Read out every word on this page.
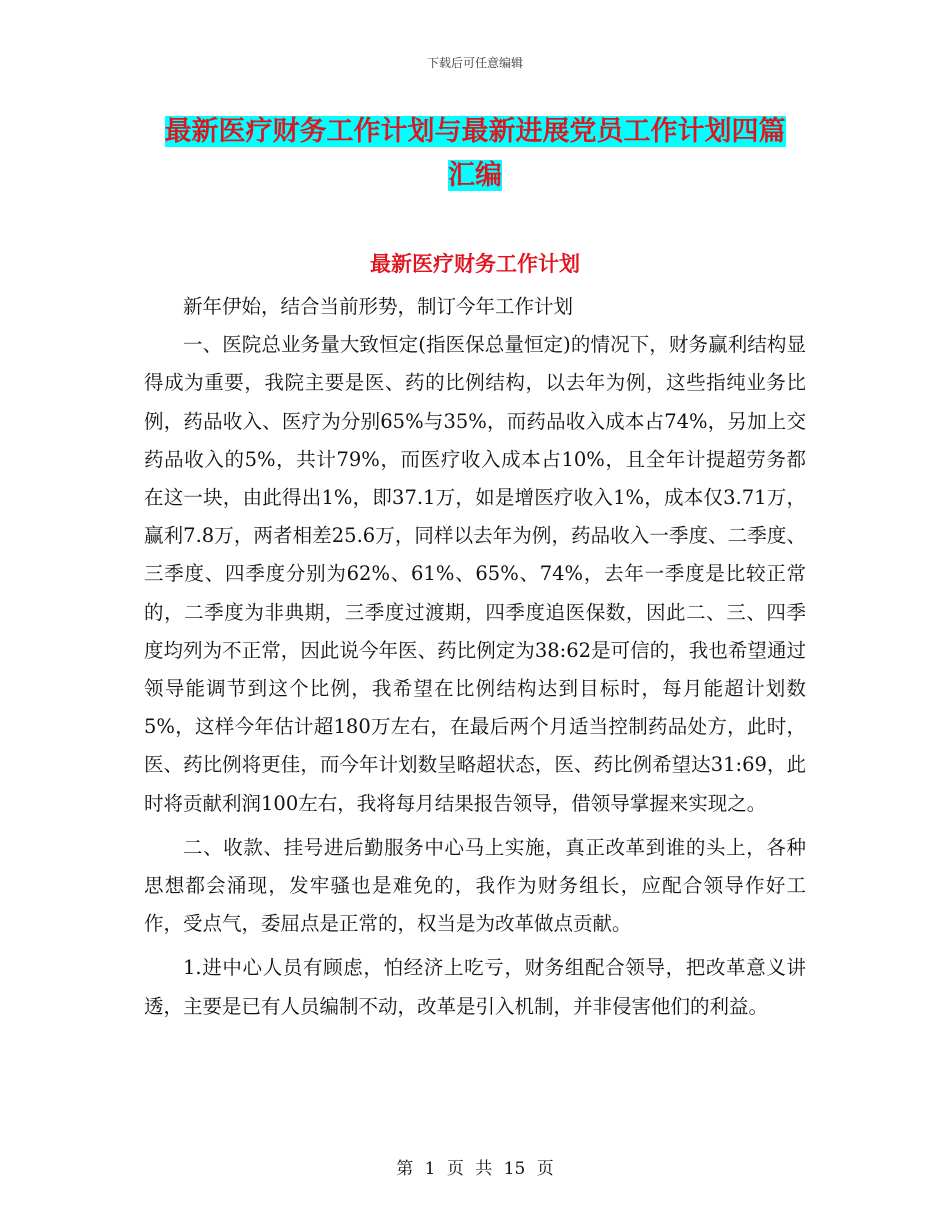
下载后可任意编辑
最新医疗财务工作计划与最新进展党员工作计划四篇
汇编
最新医疗财务工作计划

新年伊始，结合当前形势，制订今年工作计划

一、医院总业务量大致恒定(指医保总量恒定)的情况下，财务赢利结构显得成为重要，我院主要是医、药的比例结构，以去年为例，这些指纯业务比例，药品收入、医疗为分别65%与35%，而药品收入成本占74%，另加上交药品收入的5%，共计79%，而医疗收入成本占10%，且全年计提超劳务都在这一块，由此得出1%，即37.1万，如是增医疗收入1%，成本仅3.71万，赢利7.8万，两者相差25.6万，同样以去年为例，药品收入一季度、二季度、三季度、四季度分别为62%、61%、65%、74%，去年一季度是比较正常的，二季度为非典期，三季度过渡期，四季度追医保数，因此二、三、四季度均列为不正常，因此说今年医、药比例定为38:62是可信的，我也希望通过领导能调节到这个比例，我希望在比例结构达到目标时，每月能超计划数5%，这样今年估计超180万左右，在最后两个月适当控制药品处方，此时，医、药比例将更佳，而今年计划数呈略超状态，医、药比例希望达31:69，此时将贡献利润100左右，我将每月结果报告领导，借领导掌握来实现之。

二、收款、挂号进后勤服务中心马上实施，真正改革到谁的头上，各种思想都会涌现，发牢骚也是难免的，我作为财务组长，应配合领导作好工作，受点气，委屈点是正常的，权当是为改革做点贡献。

1.进中心人员有顾虑，怕经济上吃亏，财务组配合领导，把改革意义讲透，主要是已有人员编制不动，改革是引入机制，并非侵害他们的利益。

第 1 页 共 15 页
